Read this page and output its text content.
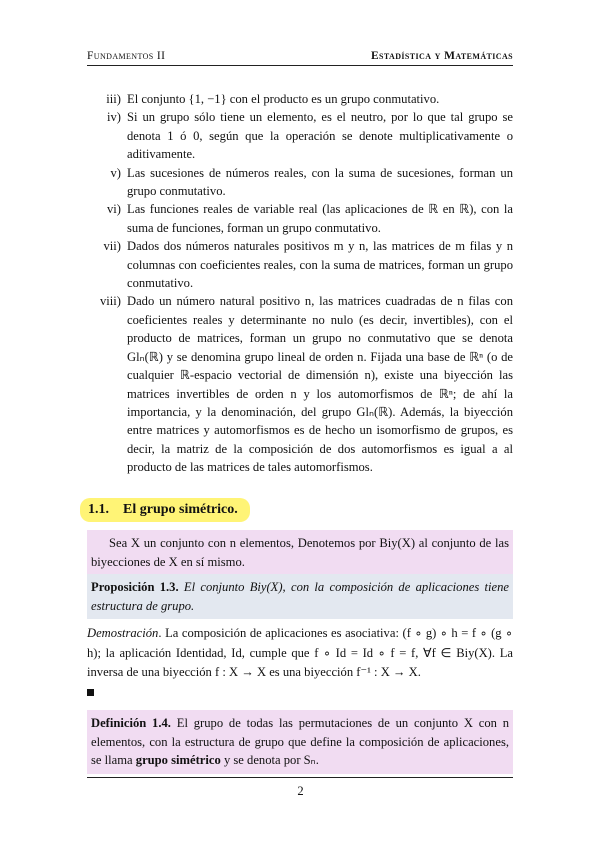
Fundamentos II	Estadística y Matemáticas
iii) El conjunto {1, −1} con el producto es un grupo conmutativo.
iv) Si un grupo sólo tiene un elemento, es el neutro, por lo que tal grupo se denota 1 ó 0, según que la operación se denote multiplicativamente o aditivamente.
v) Las sucesiones de números reales, con la suma de sucesiones, forman un grupo conmutativo.
vi) Las funciones reales de variable real (las aplicaciones de ℝ en ℝ), con la suma de funciones, forman un grupo conmutativo.
vii) Dados dos números naturales positivos m y n, las matrices de m filas y n columnas con coeficientes reales, con la suma de matrices, forman un grupo conmutativo.
viii) Dado un número natural positivo n, las matrices cuadradas de n filas con coeficientes reales y determinante no nulo (es decir, invertibles), con el producto de matrices, forman un grupo no conmutativo que se denota Glₙ(ℝ) y se denomina grupo lineal de orden n. Fijada una base de ℝⁿ (o de cualquier ℝ-espacio vectorial de dimensión n), existe una biyección las matrices invertibles de orden n y los automorfismos de ℝⁿ; de ahí la importancia, y la denominación, del grupo Glₙ(ℝ). Además, la biyección entre matrices y automorfismos es de hecho un isomorfismo de grupos, es decir, la matriz de la composición de dos automorfismos es igual a al producto de las matrices de tales automorfismos.
1.1. El grupo simétrico.
Sea X un conjunto con n elementos, Denotemos por Biy(X) al conjunto de las biyecciones de X en sí mismo.
Proposición 1.3. El conjunto Biy(X), con la composición de aplicaciones tiene estructura de grupo.
Demostración. La composición de aplicaciones es asociativa: (f ∘ g) ∘ h = f ∘ (g ∘ h); la aplicación Identidad, Id, cumple que f ∘ Id = Id ∘ f = f, ∀f ∈ Biy(X). La inversa de una biyección f : X → X es una biyección f⁻¹ : X → X.
Definición 1.4. El grupo de todas las permutaciones de un conjunto X con n elementos, con la estructura de grupo que define la composición de aplicaciones, se llama grupo simétrico y se denota por Sₙ.
2
